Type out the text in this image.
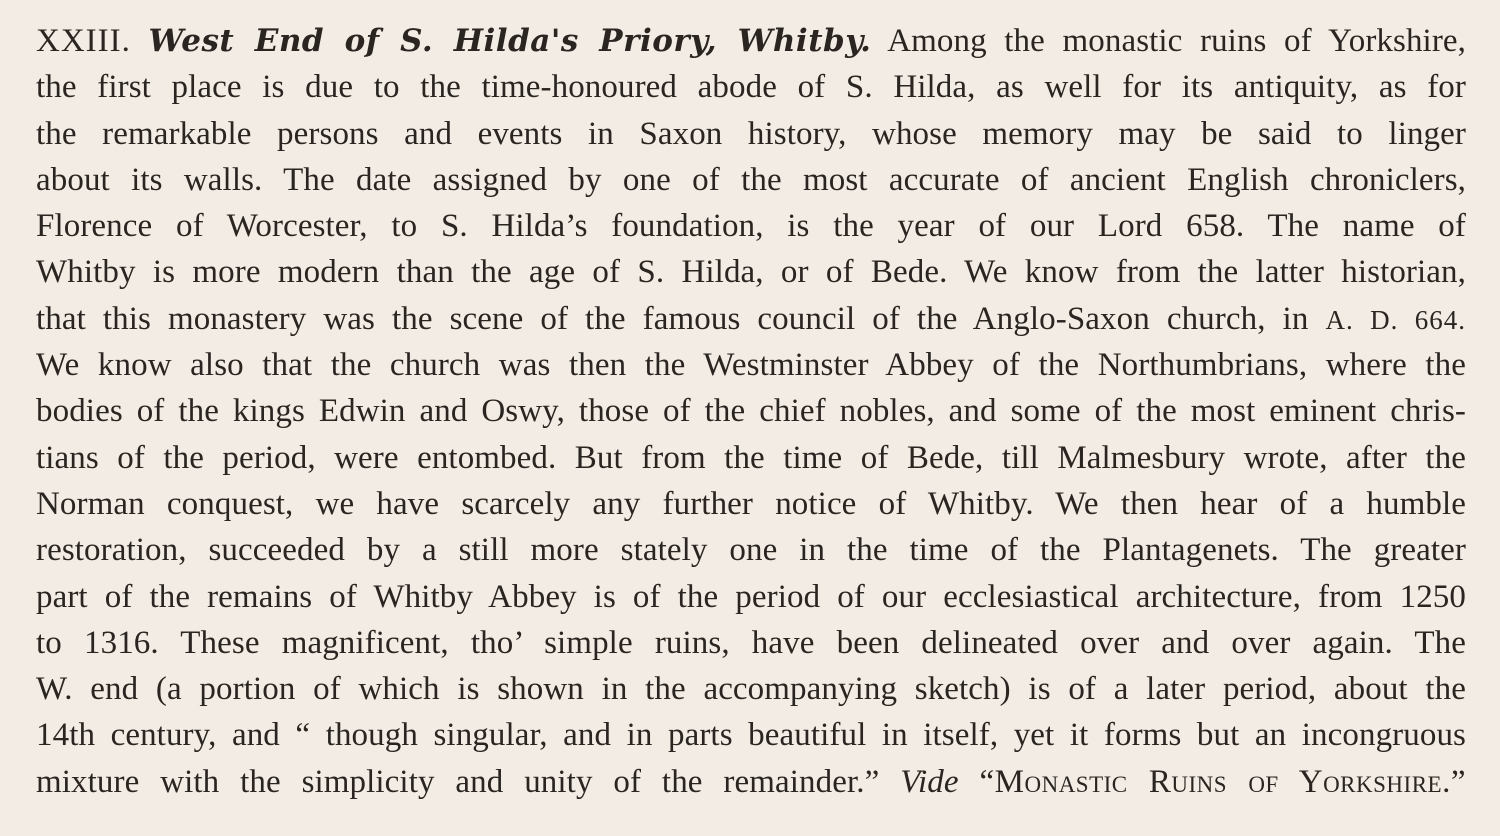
XXIII. West End of S. Hilda's Priory, Whitby. Among the monastic ruins of Yorkshire,
the first place is due to the time-honoured abode of S. Hilda, as well for its antiquity, as for
the remarkable persons and events in Saxon history, whose memory may be said to linger
about its walls. The date assigned by one of the most accurate of ancient English chroniclers,
Florence of Worcester, to S. Hilda’s foundation, is the year of our Lord 658. The name of
Whitby is more modern than the age of S. Hilda, or of Bede. We know from the latter historian,
that this monastery was the scene of the famous council of the Anglo-Saxon church, in A. D. 664.
We know also that the church was then the Westminster Abbey of the Northumbrians, where the
bodies of the kings Edwin and Oswy, those of the chief nobles, and some of the most eminent chris-
tians of the period, were entombed. But from the time of Bede, till Malmesbury wrote, after the
Norman conquest, we have scarcely any further notice of Whitby. We then hear of a humble
restoration, succeeded by a still more stately one in the time of the Plantagenets. The greater
part of the remains of Whitby Abbey is of the period of our ecclesiastical architecture, from 1250
to 1316. These magnificent, tho’ simple ruins, have been delineated over and over again. The
W. end (a portion of which is shown in the accompanying sketch) is of a later period, about the
14th century, and “ though singular, and in parts beautiful in itself, yet it forms but an incongruous
mixture with the simplicity and unity of the remainder.” Vide “Monastic Ruins of Yorkshire.”
